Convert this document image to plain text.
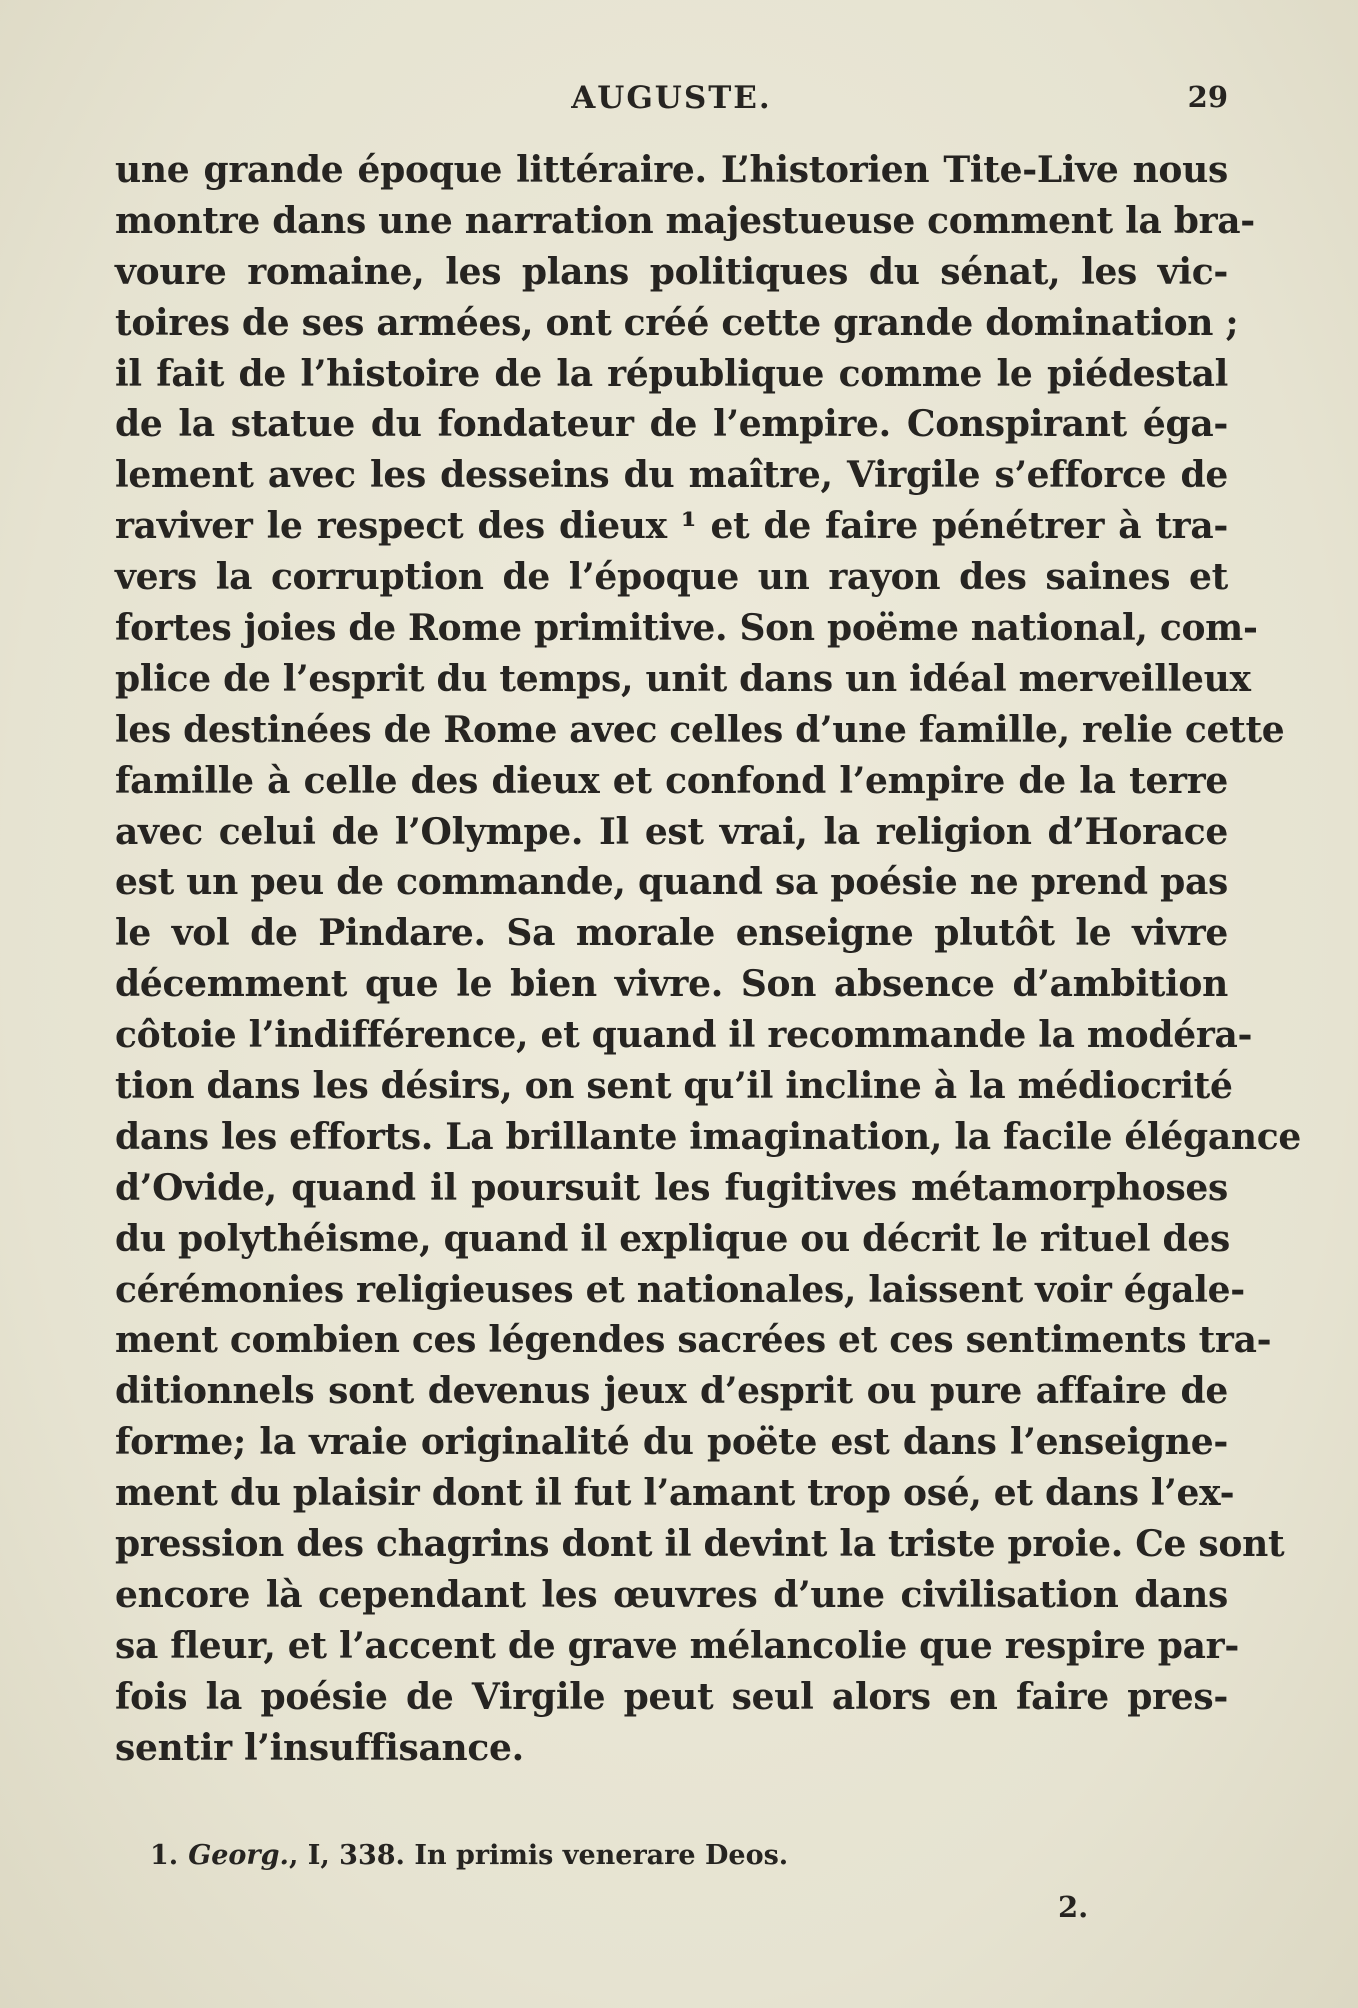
AUGUSTE.	29
une grande époque littéraire. L’historien Tite-Live nous
montre dans une narration majestueuse comment la bra-
voure romaine, les plans politiques du sénat, les vic-
toires de ses armées, ont créé cette grande domination ;
il fait de l’histoire de la république comme le piédestal
de la statue du fondateur de l’empire. Conspirant éga-
lement avec les desseins du maître, Virgile s’efforce de
raviver le respect des dieux ¹ et de faire pénétrer à tra-
vers la corruption de l’époque un rayon des saines et
fortes joies de Rome primitive. Son poëme national, com-
plice de l’esprit du temps, unit dans un idéal merveilleux
les destinées de Rome avec celles d’une famille, relie cette
famille à celle des dieux et confond l’empire de la terre
avec celui de l’Olympe. Il est vrai, la religion d’Horace
est un peu de commande, quand sa poésie ne prend pas
le vol de Pindare. Sa morale enseigne plutôt le vivre
décemment que le bien vivre. Son absence d’ambition
côtoie l’indifférence, et quand il recommande la modéra-
tion dans les désirs, on sent qu’il incline à la médiocrité
dans les efforts. La brillante imagination, la facile élégance
d’Ovide, quand il poursuit les fugitives métamorphoses
du polythéisme, quand il explique ou décrit le rituel des
cérémonies religieuses et nationales, laissent voir égale-
ment combien ces légendes sacrées et ces sentiments tra-
ditionnels sont devenus jeux d’esprit ou pure affaire de
forme; la vraie originalité du poëte est dans l’enseigne-
ment du plaisir dont il fut l’amant trop osé, et dans l’ex-
pression des chagrins dont il devint la triste proie. Ce sont
encore là cependant les œuvres d’une civilisation dans
sa fleur, et l’accent de grave mélancolie que respire par-
fois la poésie de Virgile peut seul alors en faire pres-
sentir l’insuffisance.
1. Georg., I, 338. In primis venerare Deos.
2.
